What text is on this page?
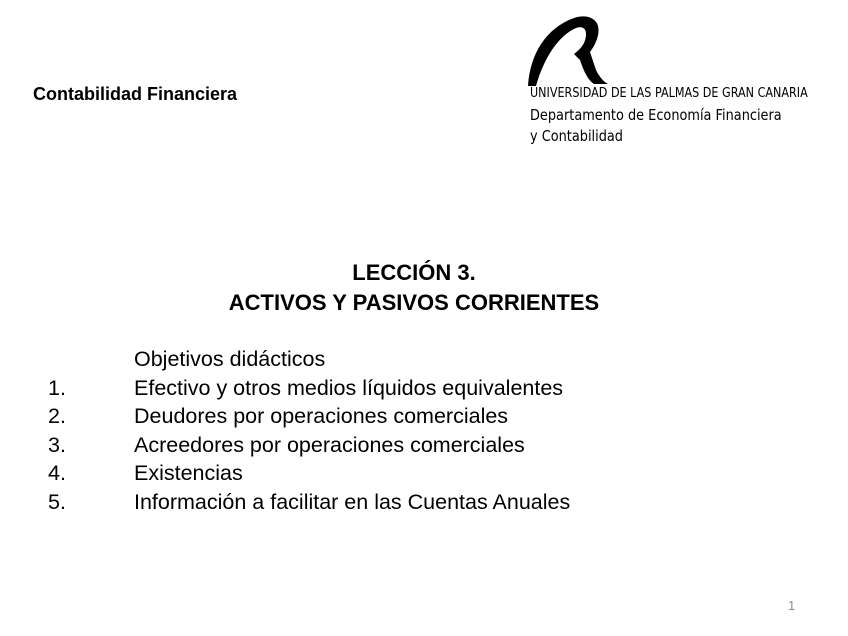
Contabilidad Financiera	UNIVERSIDAD DE LAS PALMAS DE GRAN CANARIA
Departamento de Economía Financiera
y Contabilidad
LECCIÓN 3.
ACTIVOS Y PASIVOS CORRIENTES
Objetivos didácticos
1.	Efectivo y otros medios líquidos equivalentes
2.	Deudores por operaciones comerciales
3.	Acreedores por operaciones comerciales
4.	Existencias
5.	Información a facilitar en las Cuentas Anuales
1
